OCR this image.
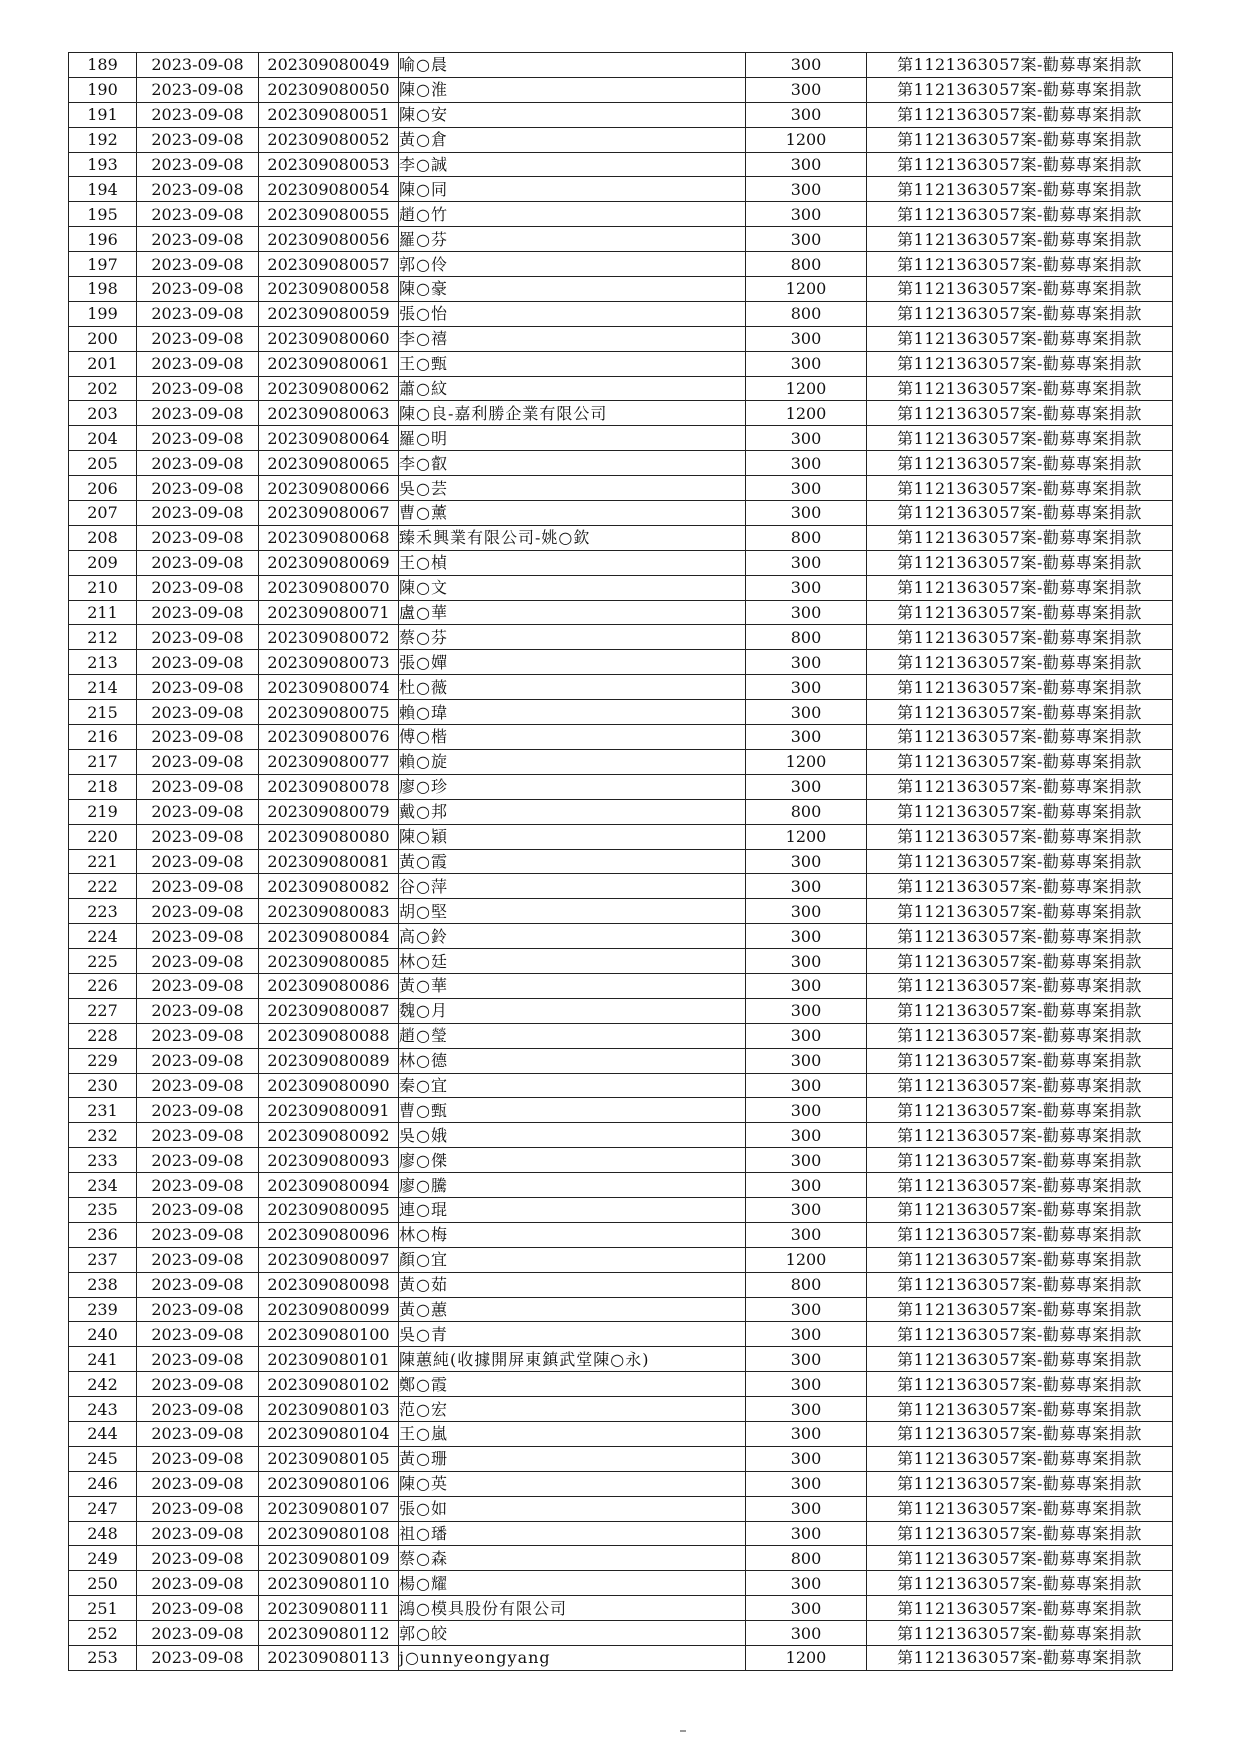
189	2023-09-08	202309080049	喻○晨	300	第1121363057案-勸募專案捐款
190	2023-09-08	202309080050	陳○淮	300	第1121363057案-勸募專案捐款
191	2023-09-08	202309080051	陳○安	300	第1121363057案-勸募專案捐款
192	2023-09-08	202309080052	黃○倉	1200	第1121363057案-勸募專案捐款
193	2023-09-08	202309080053	李○誠	300	第1121363057案-勸募專案捐款
194	2023-09-08	202309080054	陳○同	300	第1121363057案-勸募專案捐款
195	2023-09-08	202309080055	趙○竹	300	第1121363057案-勸募專案捐款
196	2023-09-08	202309080056	羅○芬	300	第1121363057案-勸募專案捐款
197	2023-09-08	202309080057	郭○伶	800	第1121363057案-勸募專案捐款
198	2023-09-08	202309080058	陳○豪	1200	第1121363057案-勸募專案捐款
199	2023-09-08	202309080059	張○怡	800	第1121363057案-勸募專案捐款
200	2023-09-08	202309080060	李○禧	300	第1121363057案-勸募專案捐款
201	2023-09-08	202309080061	王○甄	300	第1121363057案-勸募專案捐款
202	2023-09-08	202309080062	蕭○紋	1200	第1121363057案-勸募專案捐款
203	2023-09-08	202309080063	陳○良-嘉利勝企業有限公司	1200	第1121363057案-勸募專案捐款
204	2023-09-08	202309080064	羅○明	300	第1121363057案-勸募專案捐款
205	2023-09-08	202309080065	李○叡	300	第1121363057案-勸募專案捐款
206	2023-09-08	202309080066	吳○芸	300	第1121363057案-勸募專案捐款
207	2023-09-08	202309080067	曹○薰	300	第1121363057案-勸募專案捐款
208	2023-09-08	202309080068	臻禾興業有限公司-姚○欽	800	第1121363057案-勸募專案捐款
209	2023-09-08	202309080069	王○楨	300	第1121363057案-勸募專案捐款
210	2023-09-08	202309080070	陳○文	300	第1121363057案-勸募專案捐款
211	2023-09-08	202309080071	盧○華	300	第1121363057案-勸募專案捐款
212	2023-09-08	202309080072	蔡○芬	800	第1121363057案-勸募專案捐款
213	2023-09-08	202309080073	張○嬋	300	第1121363057案-勸募專案捐款
214	2023-09-08	202309080074	杜○薇	300	第1121363057案-勸募專案捐款
215	2023-09-08	202309080075	賴○瑋	300	第1121363057案-勸募專案捐款
216	2023-09-08	202309080076	傅○楷	300	第1121363057案-勸募專案捐款
217	2023-09-08	202309080077	賴○旋	1200	第1121363057案-勸募專案捐款
218	2023-09-08	202309080078	廖○珍	300	第1121363057案-勸募專案捐款
219	2023-09-08	202309080079	戴○邦	800	第1121363057案-勸募專案捐款
220	2023-09-08	202309080080	陳○穎	1200	第1121363057案-勸募專案捐款
221	2023-09-08	202309080081	黃○霞	300	第1121363057案-勸募專案捐款
222	2023-09-08	202309080082	谷○萍	300	第1121363057案-勸募專案捐款
223	2023-09-08	202309080083	胡○堅	300	第1121363057案-勸募專案捐款
224	2023-09-08	202309080084	高○鈴	300	第1121363057案-勸募專案捐款
225	2023-09-08	202309080085	林○廷	300	第1121363057案-勸募專案捐款
226	2023-09-08	202309080086	黃○華	300	第1121363057案-勸募專案捐款
227	2023-09-08	202309080087	魏○月	300	第1121363057案-勸募專案捐款
228	2023-09-08	202309080088	趙○瑩	300	第1121363057案-勸募專案捐款
229	2023-09-08	202309080089	林○德	300	第1121363057案-勸募專案捐款
230	2023-09-08	202309080090	秦○宜	300	第1121363057案-勸募專案捐款
231	2023-09-08	202309080091	曹○甄	300	第1121363057案-勸募專案捐款
232	2023-09-08	202309080092	吳○娥	300	第1121363057案-勸募專案捐款
233	2023-09-08	202309080093	廖○傑	300	第1121363057案-勸募專案捐款
234	2023-09-08	202309080094	廖○騰	300	第1121363057案-勸募專案捐款
235	2023-09-08	202309080095	連○琨	300	第1121363057案-勸募專案捐款
236	2023-09-08	202309080096	林○梅	300	第1121363057案-勸募專案捐款
237	2023-09-08	202309080097	顏○宜	1200	第1121363057案-勸募專案捐款
238	2023-09-08	202309080098	黃○茹	800	第1121363057案-勸募專案捐款
239	2023-09-08	202309080099	黃○蕙	300	第1121363057案-勸募專案捐款
240	2023-09-08	202309080100	吳○青	300	第1121363057案-勸募專案捐款
241	2023-09-08	202309080101	陳蕙純(收據開屏東鎮武堂陳○永)	300	第1121363057案-勸募專案捐款
242	2023-09-08	202309080102	鄭○霞	300	第1121363057案-勸募專案捐款
243	2023-09-08	202309080103	范○宏	300	第1121363057案-勸募專案捐款
244	2023-09-08	202309080104	王○嵐	300	第1121363057案-勸募專案捐款
245	2023-09-08	202309080105	黃○珊	300	第1121363057案-勸募專案捐款
246	2023-09-08	202309080106	陳○英	300	第1121363057案-勸募專案捐款
247	2023-09-08	202309080107	張○如	300	第1121363057案-勸募專案捐款
248	2023-09-08	202309080108	祖○璠	300	第1121363057案-勸募專案捐款
249	2023-09-08	202309080109	蔡○森	800	第1121363057案-勸募專案捐款
250	2023-09-08	202309080110	楊○耀	300	第1121363057案-勸募專案捐款
251	2023-09-08	202309080111	鴻○模具股份有限公司	300	第1121363057案-勸募專案捐款
252	2023-09-08	202309080112	郭○皎	300	第1121363057案-勸募專案捐款
253	2023-09-08	202309080113	j○unnyeongyang	1200	第1121363057案-勸募專案捐款
